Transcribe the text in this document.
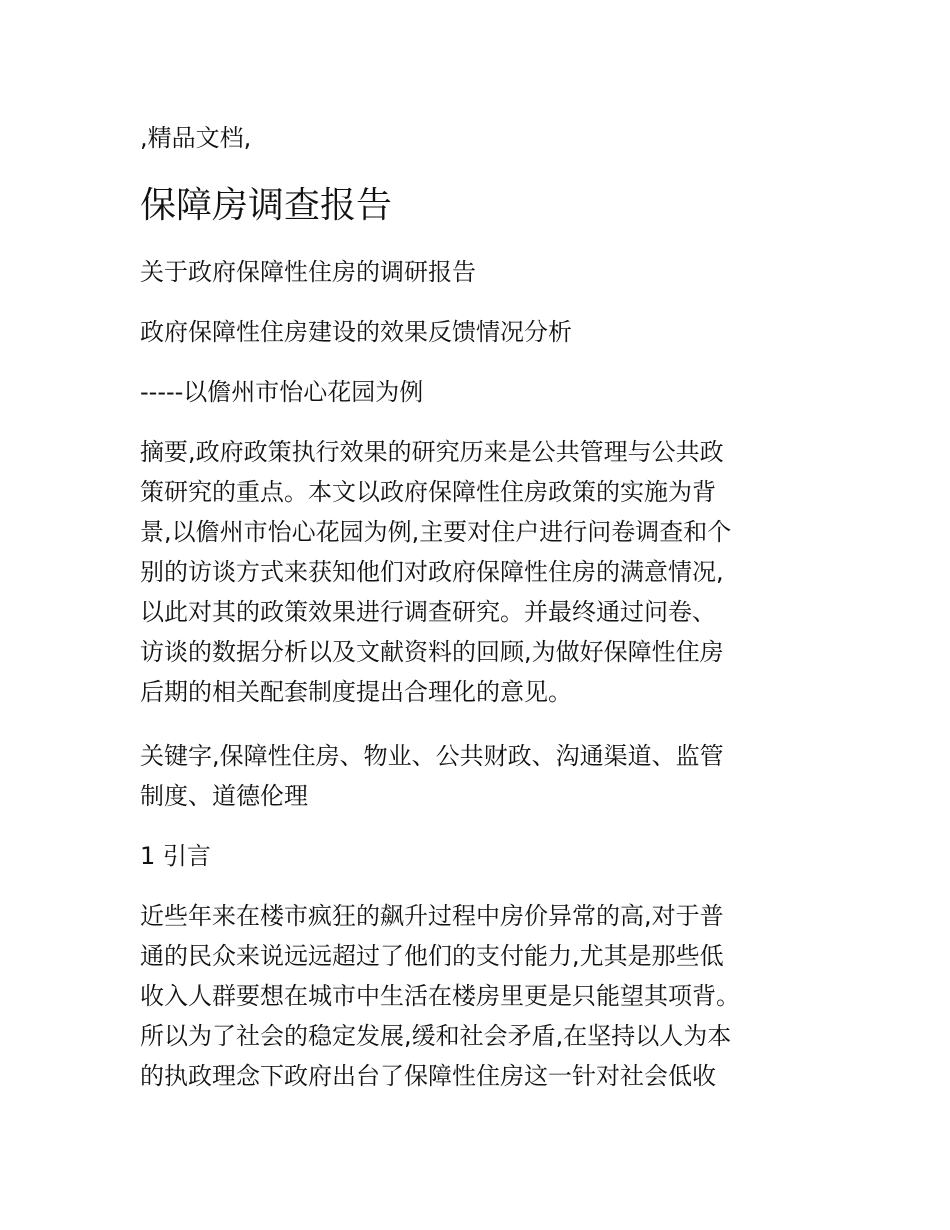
,精品文档,
保障房调查报告
关于政府保障性住房的调研报告
政府保障性住房建设的效果反馈情况分析
-----以儋州市怡心花园为例
摘要,政府政策执行效果的研究历来是公共管理与公共政
策研究的重点。本文以政府保障性住房政策的实施为背
景,以儋州市怡心花园为例,主要对住户进行问卷调查和个
别的访谈方式来获知他们对政府保障性住房的满意情况,
以此对其的政策效果进行调查研究。并最终通过问卷、
访谈的数据分析以及文献资料的回顾,为做好保障性住房
后期的相关配套制度提出合理化的意见。
关键字,保障性住房、物业、公共财政、沟通渠道、监管
制度、道德伦理
1 引言
近些年来在楼市疯狂的飙升过程中房价异常的高,对于普
通的民众来说远远超过了他们的支付能力,尤其是那些低
收入人群要想在城市中生活在楼房里更是只能望其项背。
所以为了社会的稳定发展,缓和社会矛盾,在坚持以人为本
的执政理念下政府出台了保障性住房这一针对社会低收
